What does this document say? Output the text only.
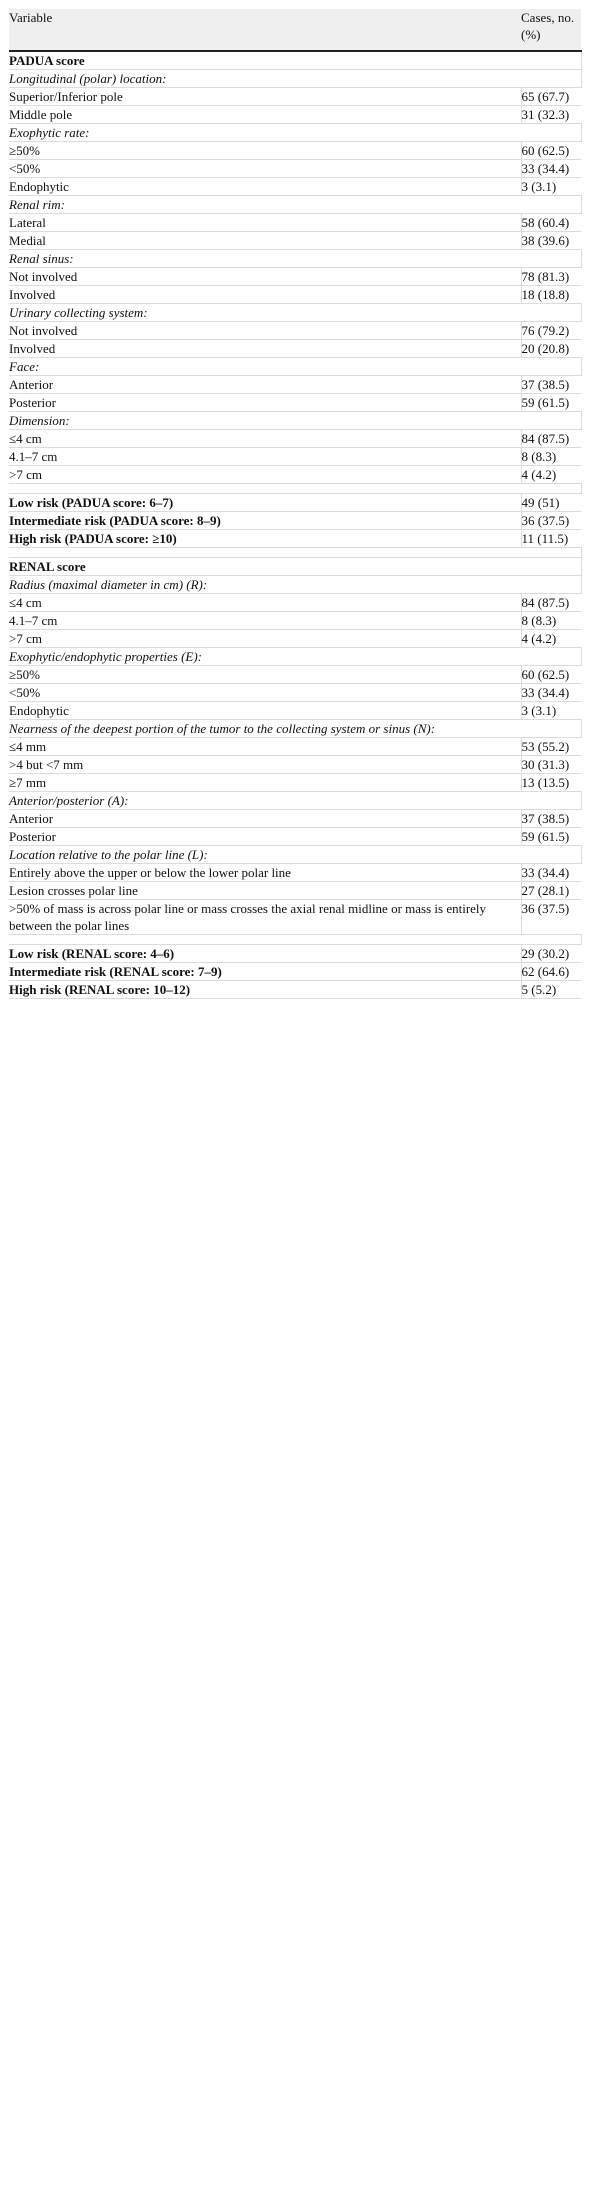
Variable	Cases, no. (%)
PADUA score	
Longitudinal (polar) location:	
Superior/Inferior pole	65 (67.7)
Middle pole	31 (32.3)
Exophytic rate:	
≥50%	60 (62.5)
<50%	33 (34.4)
Endophytic	3 (3.1)
Renal rim:	
Lateral	58 (60.4)
Medial	38 (39.6)
Renal sinus:	
Not involved	78 (81.3)
Involved	18 (18.8)
Urinary collecting system:	
Not involved	76 (79.2)
Involved	20 (20.8)
Face:	
Anterior	37 (38.5)
Posterior	59 (61.5)
Dimension:	
≤4 cm	84 (87.5)
4.1–7 cm	8 (8.3)
>7 cm	4 (4.2)

Low risk (PADUA score: 6–7)	49 (51)
Intermediate risk (PADUA score: 8–9)	36 (37.5)
High risk (PADUA score: ≥10)	11 (11.5)

RENAL score	
Radius (maximal diameter in cm) (R):	
≤4 cm	84 (87.5)
4.1–7 cm	8 (8.3)
>7 cm	4 (4.2)
Exophytic/endophytic properties (E):	
≥50%	60 (62.5)
<50%	33 (34.4)
Endophytic	3 (3.1)
Nearness of the deepest portion of the tumor to the collecting system or sinus (N):	
≤4 mm	53 (55.2)
>4 but <7 mm	30 (31.3)
≥7 mm	13 (13.5)
Anterior/posterior (A):	
Anterior	37 (38.5)
Posterior	59 (61.5)
Location relative to the polar line (L):	
Entirely above the upper or below the lower polar line	33 (34.4)
Lesion crosses polar line	27 (28.1)
>50% of mass is across polar line or mass crosses the axial renal midline or mass is entirely between the polar lines	36 (37.5)

Low risk (RENAL score: 4–6)	29 (30.2)
Intermediate risk (RENAL score: 7–9)	62 (64.6)
High risk (RENAL score: 10–12)	5 (5.2)
